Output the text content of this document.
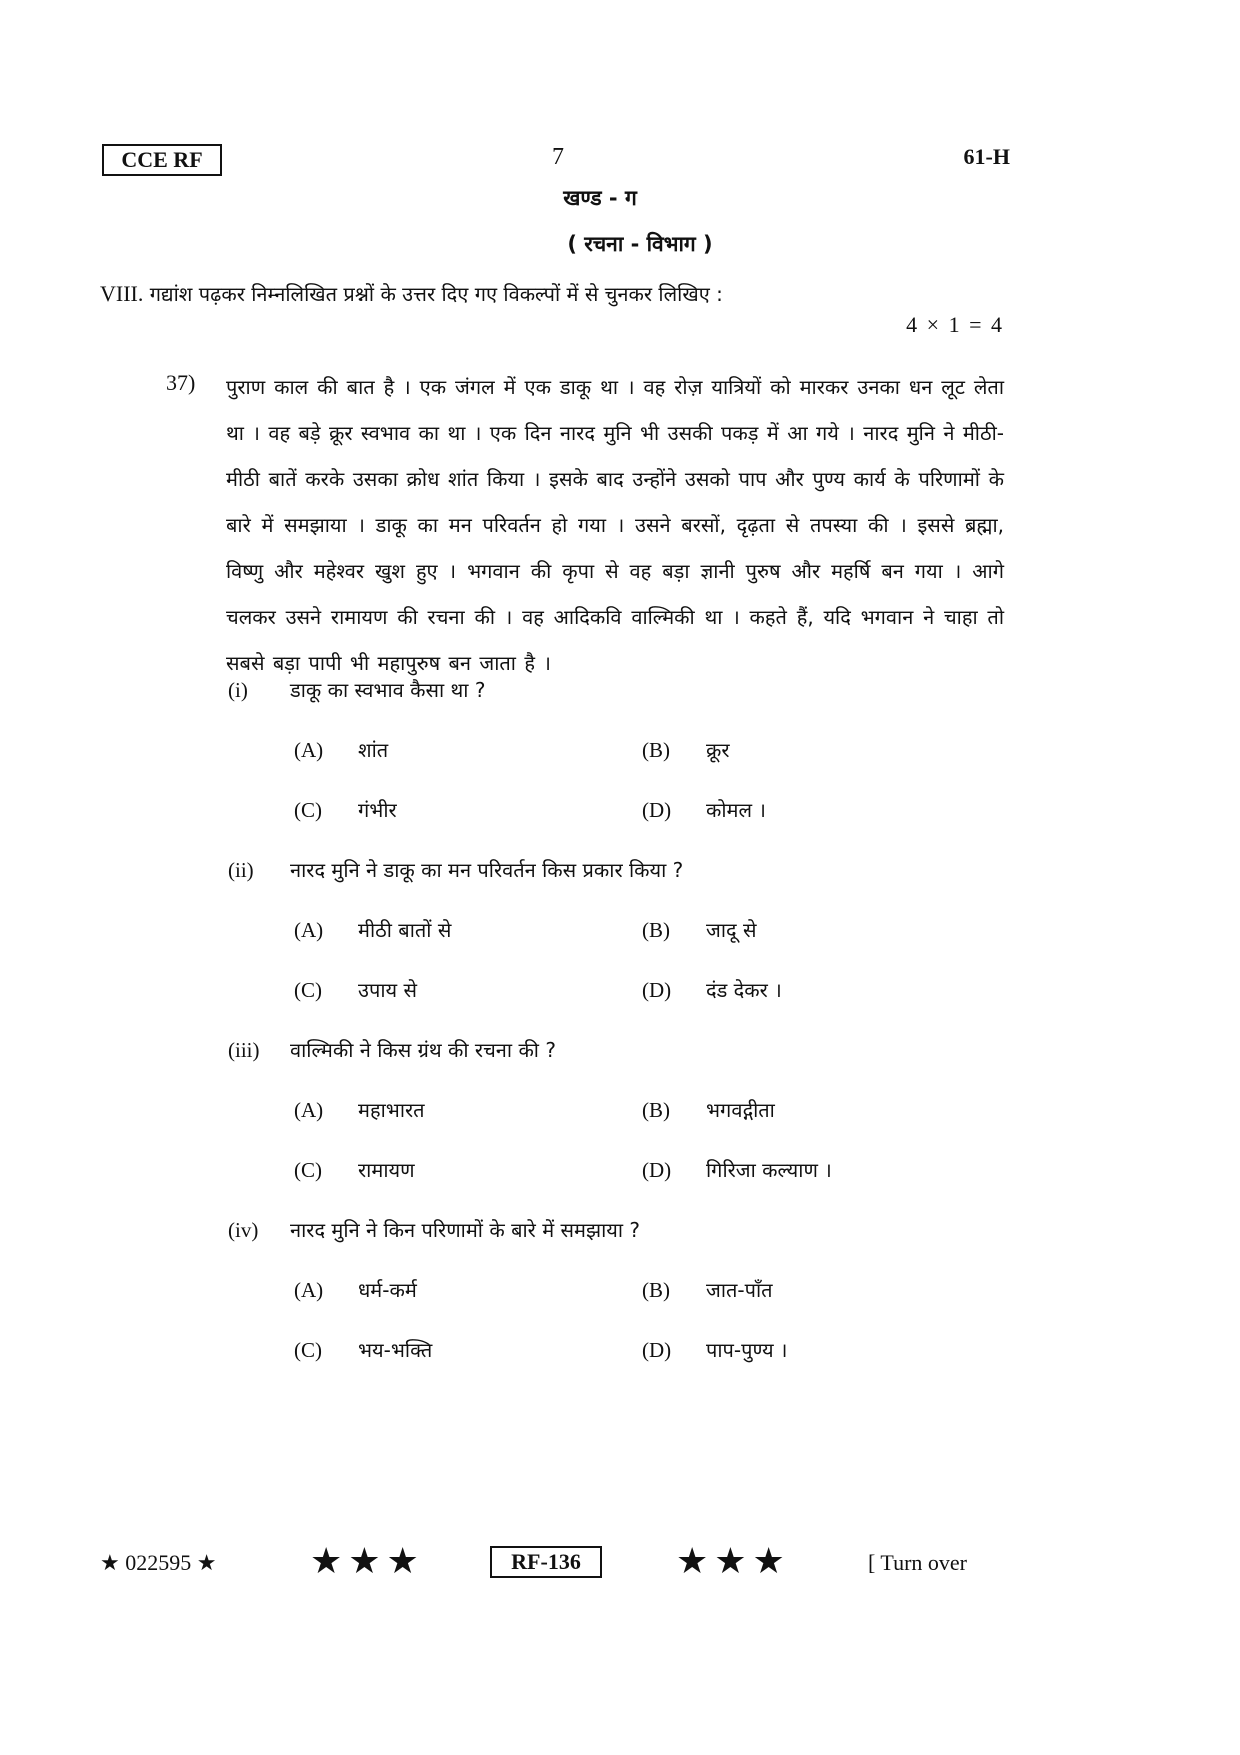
CCE RF	7	61-H
खण्ड - ग
( रचना - विभाग )
VIII. गद्यांश पढ़कर निम्नलिखित प्रश्नों के उत्तर दिए गए विकल्पों में से चुनकर लिखिए :
4 × 1 = 4
37) पुराण काल की बात है । एक जंगल में एक डाकू था । वह रोज़ यात्रियों को मारकर उनका धन लूट लेता था । वह बड़े क्रूर स्वभाव का था । एक दिन नारद मुनि भी उसकी पकड़ में आ गये । नारद मुनि ने मीठी-मीठी बातें करके उसका क्रोध शांत किया । इसके बाद उन्होंने उसको पाप और पुण्य कार्य के परिणामों के बारे में समझाया । डाकू का मन परिवर्तन हो गया । उसने बरसों, दृढ़ता से तपस्या की । इससे ब्रह्मा, विष्णु और महेश्वर खुश हुए । भगवान की कृपा से वह बड़ा ज्ञानी पुरुष और महर्षि बन गया । आगे चलकर उसने रामायण की रचना की । वह आदिकवि वाल्मिकी था । कहते हैं, यदि भगवान ने चाहा तो सबसे बड़ा पापी भी महापुरुष बन जाता है ।
(i) डाकू का स्वभाव कैसा था ?
(A) शांत	(B) क्रूर
(C) गंभीर	(D) कोमल ।
(ii) नारद मुनि ने डाकू का मन परिवर्तन किस प्रकार किया ?
(A) मीठी बातों से	(B) जादू से
(C) उपाय से	(D) दंड देकर ।
(iii) वाल्मिकी ने किस ग्रंथ की रचना की ?
(A) महाभारत	(B) भगवद्गीता
(C) रामायण	(D) गिरिजा कल्याण ।
(iv) नारद मुनि ने किन परिणामों के बारे में समझाया ?
(A) धर्म-कर्म	(B) जात-पाँत
(C) भय-भक्ति	(D) पाप-पुण्य ।
★ 022595 ★	★★★	RF-136	★★★	[ Turn over
